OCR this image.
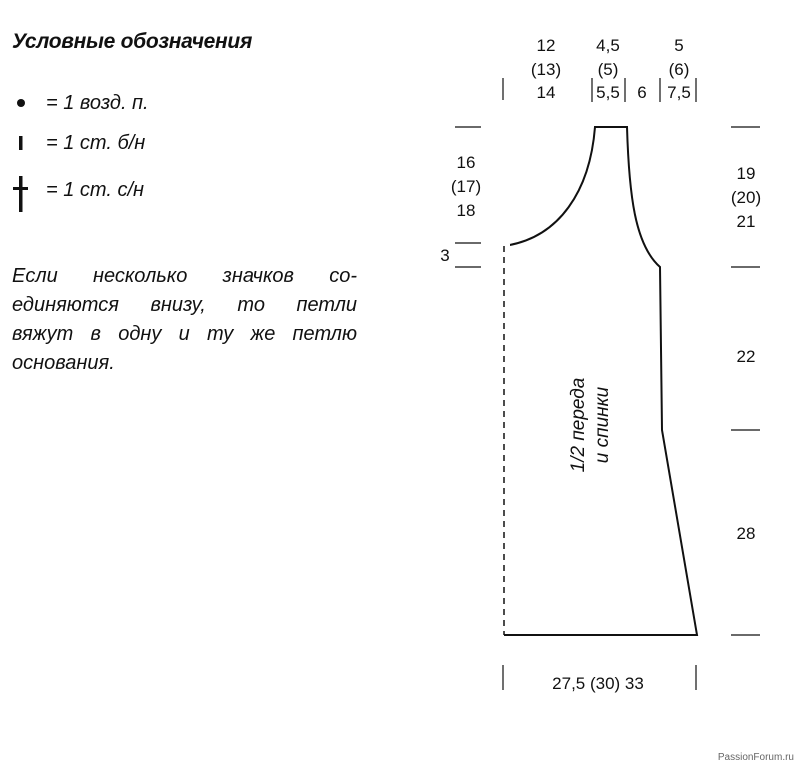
Условные обозначения
= 1 возд. п.
= 1 ст. б/н
= 1 ст. с/н
Если несколько значков со-
единяются внизу, то петли
вяжут в одну и ту же петлю
основания.
12
(13)
14
4,5
(5)
5,5 6
5
(6)
7,5
16
(17)
18
3
19
(20)
21
22
28
27,5 (30) 33
1/2 переда и спинки
PassionForum.ru
